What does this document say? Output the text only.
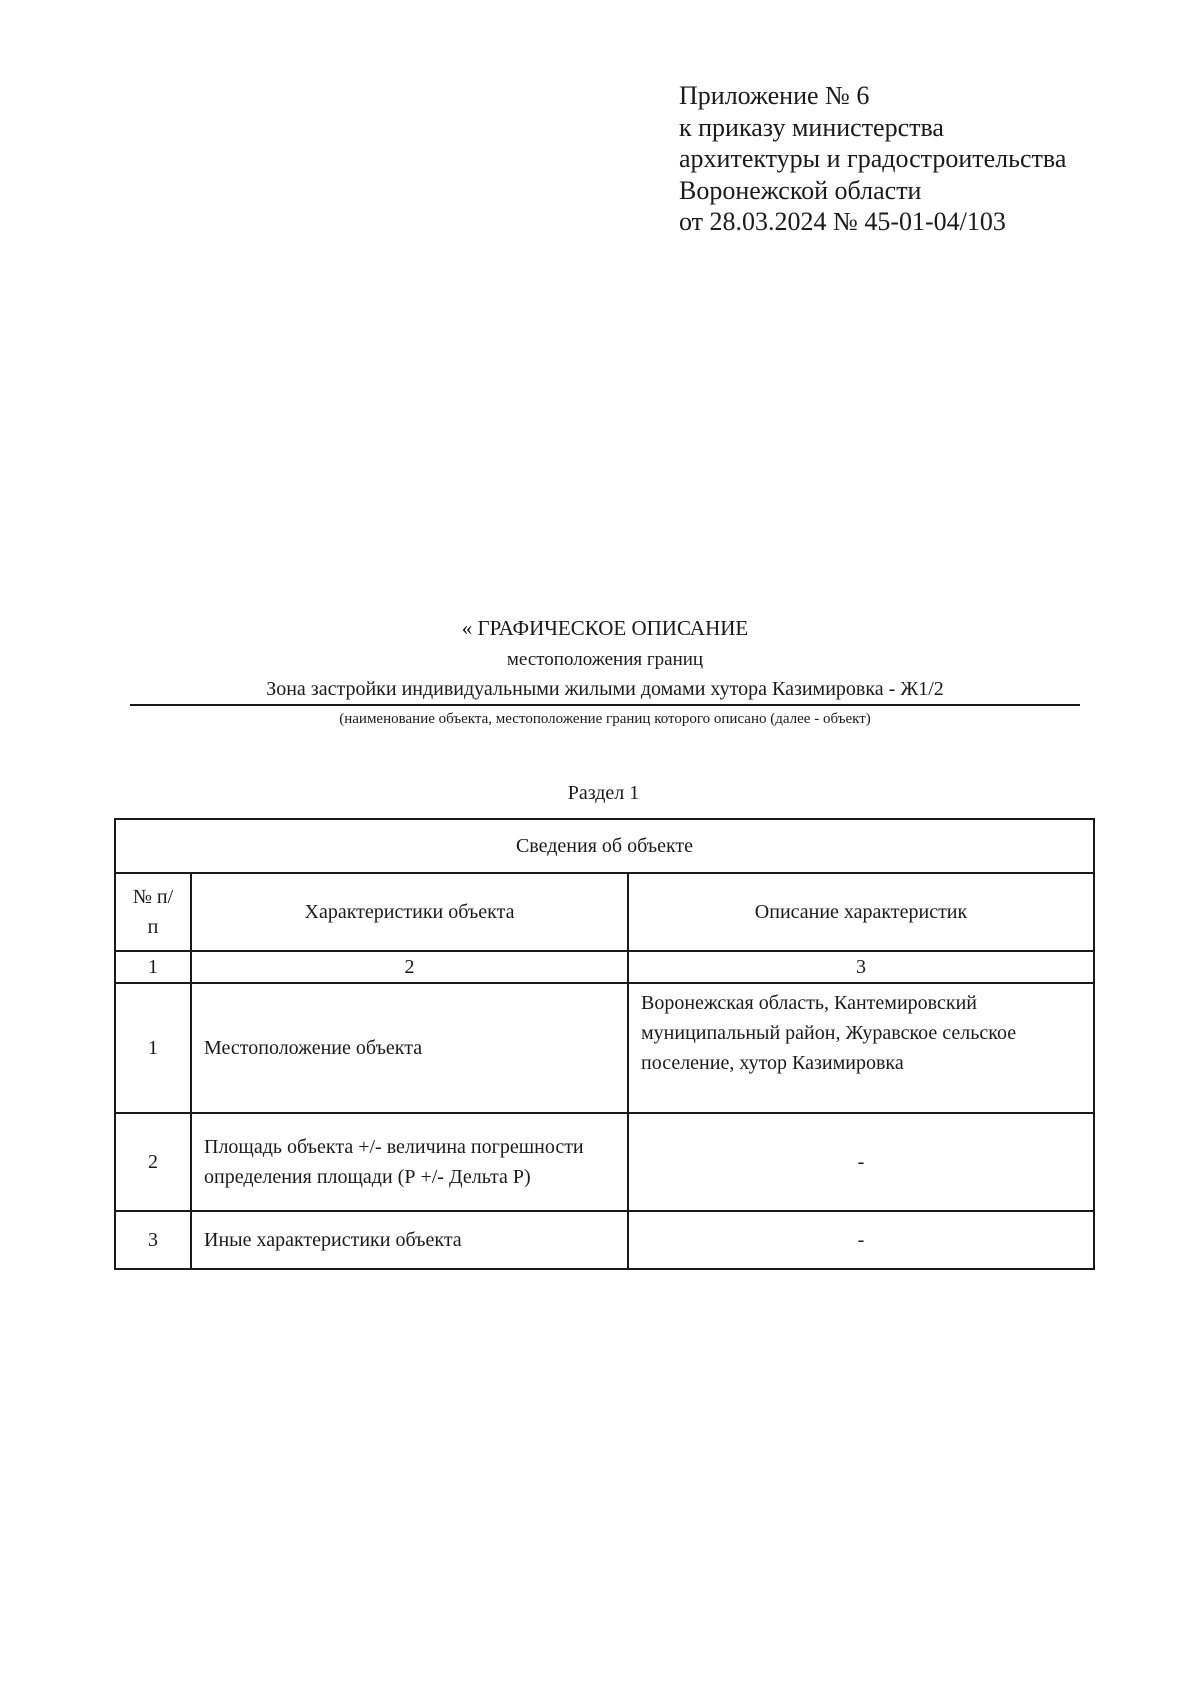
Приложение № 6
к приказу министерства
архитектуры и градостроительства
Воронежской области
от 28.03.2024 № 45-01-04/103
« ГРАФИЧЕСКОЕ ОПИСАНИЕ
местоположения границ
Зона застройки индивидуальными жилыми домами хутора Казимировка - Ж1/2
(наименование объекта, местоположение границ которого описано (далее - объект)
Раздел 1
Сведения об объекте		
№ п/п	Характеристики объекта	Описание характеристик
1	2	3
1	Местоположение объекта	Воронежская область, Кантемировский муниципальный район, Журавское сельское поселение, хутор Казимировка
2	Площадь объекта +/- величина погрешности определения площади (Р +/- Дельта Р)	-
3	Иные характеристики объекта	-
